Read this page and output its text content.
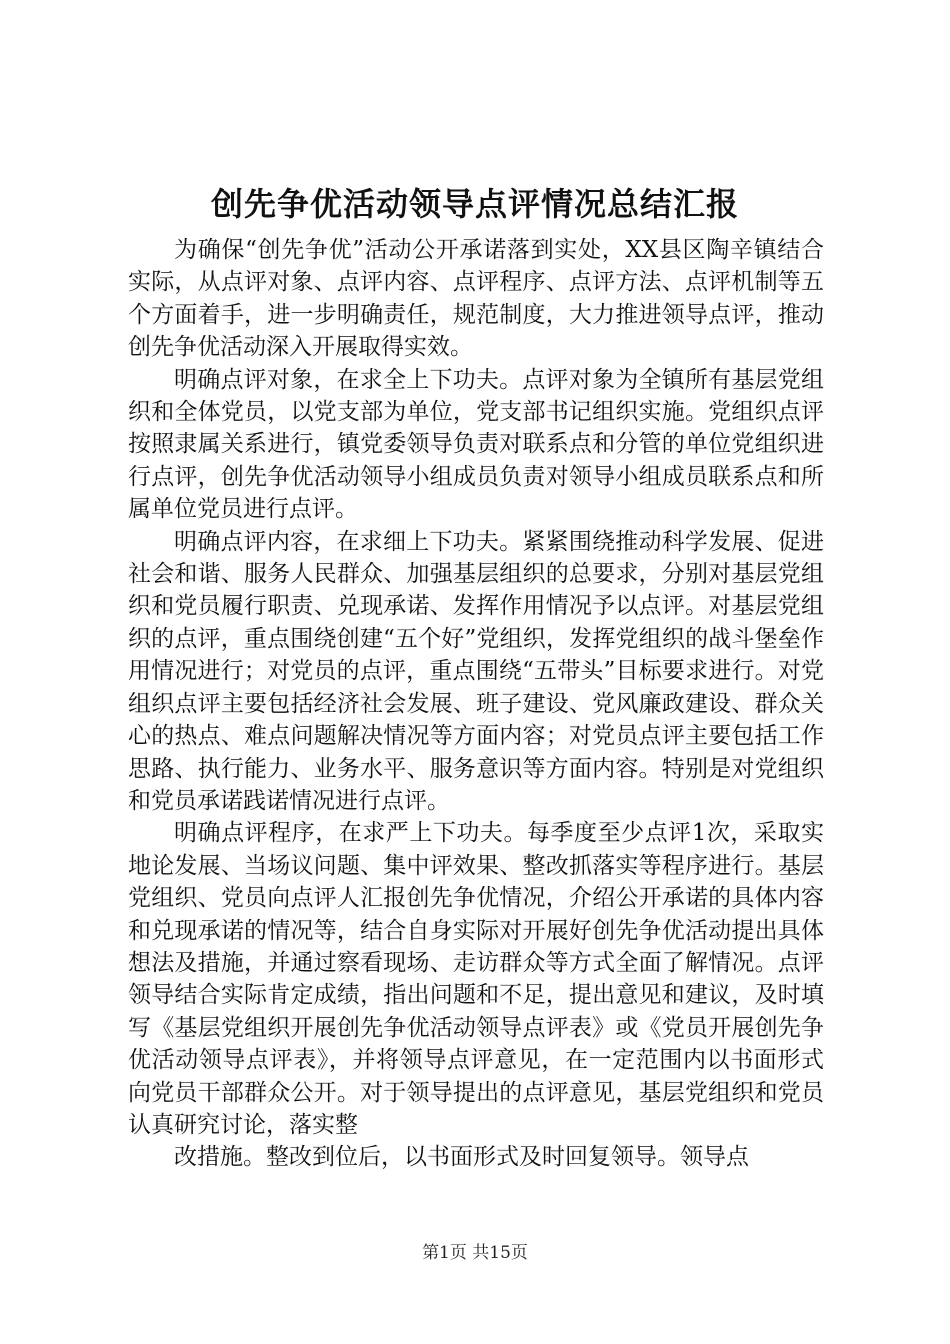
创先争优活动领导点评情况总结汇报

为确保“创先争优”活动公开承诺落到实处，XX县区陶辛镇结合实际，从点评对象、点评内容、点评程序、点评方法、点评机制等五个方面着手，进一步明确责任，规范制度，大力推进领导点评，推动创先争优活动深入开展取得实效。

明确点评对象，在求全上下功夫。点评对象为全镇所有基层党组织和全体党员，以党支部为单位，党支部书记组织实施。党组织点评按照隶属关系进行，镇党委领导负责对联系点和分管的单位党组织进行点评，创先争优活动领导小组成员负责对领导小组成员联系点和所属单位党员进行点评。

明确点评内容，在求细上下功夫。紧紧围绕推动科学发展、促进社会和谐、服务人民群众、加强基层组织的总要求，分别对基层党组织和党员履行职责、兑现承诺、发挥作用情况予以点评。对基层党组织的点评，重点围绕创建“五个好”党组织，发挥党组织的战斗堡垒作用情况进行；对党员的点评，重点围绕“五带头”目标要求进行。对党组织点评主要包括经济社会发展、班子建设、党风廉政建设、群众关心的热点、难点问题解决情况等方面内容；对党员点评主要包括工作思路、执行能力、业务水平、服务意识等方面内容。特别是对党组织和党员承诺践诺情况进行点评。

明确点评程序，在求严上下功夫。每季度至少点评1次，采取实地论发展、当场议问题、集中评效果、整改抓落实等程序进行。基层党组织、党员向点评人汇报创先争优情况，介绍公开承诺的具体内容和兑现承诺的情况等，结合自身实际对开展好创先争优活动提出具体想法及措施，并通过察看现场、走访群众等方式全面了解情况。点评领导结合实际肯定成绩，指出问题和不足，提出意见和建议，及时填写《基层党组织开展创先争优活动领导点评表》或《党员开展创先争优活动领导点评表》，并将领导点评意见，在一定范围内以书面形式向党员干部群众公开。对于领导提出的点评意见，基层党组织和党员认真研究讨论，落实整

改措施。整改到位后，以书面形式及时回复领导。领导点

第1页 共15页
